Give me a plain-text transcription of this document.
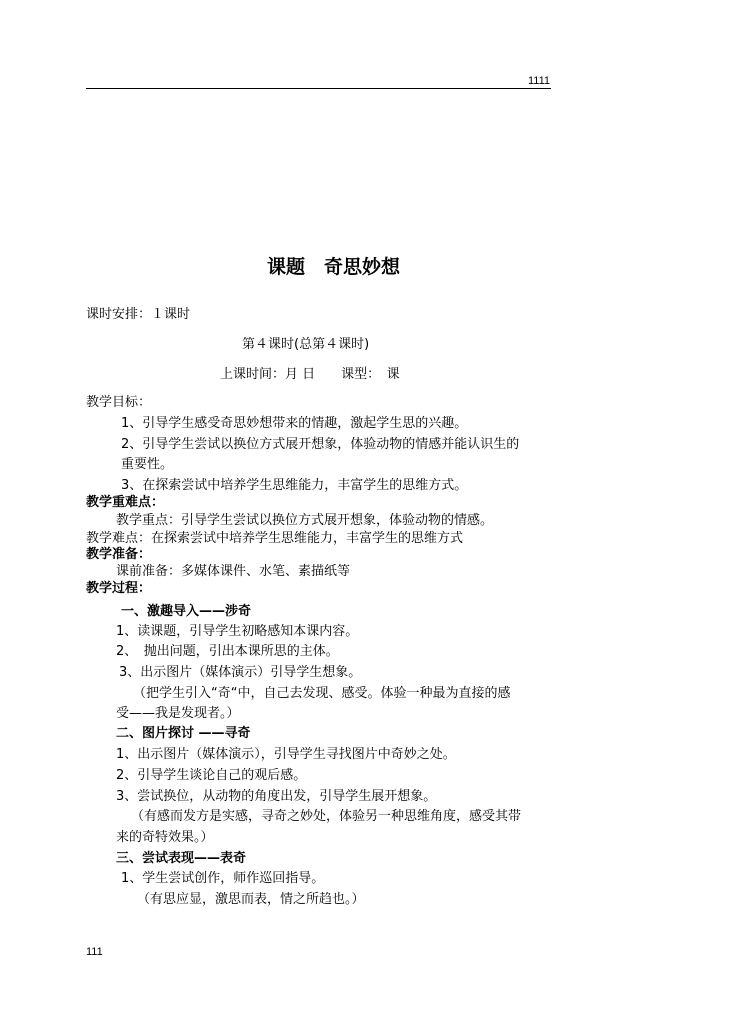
1111
课题　奇思妙想
课时安排：１课时
第４课时(总第４课时)
上课时间：月 日　　课型：　课
教学目标：
1、引导学生感受奇思妙想带来的情趣，激起学生思的兴趣。
2、引导学生尝试以换位方式展开想象，体验动物的情感并能认识生的
重要性。
3、在探索尝试中培养学生思维能力，丰富学生的思维方式。
教学重难点：
教学重点：引导学生尝试以换位方式展开想象，体验动物的情感。
教学难点：在探索尝试中培养学生思维能力，丰富学生的思维方式
教学准备：
课前准备：多媒体课件、水笔、素描纸等
教学过程：
一、激趣导入——涉奇
1、读课题，引导学生初略感知本课内容。
2、　抛出问题，引出本课所思的主体。
3、出示图片（媒体演示）引导学生想象。
（把学生引入“奇“中，自己去发现、感受。体验一种最为直接的感
受——我是发现者。）
二、图片探讨 ——寻奇
1、出示图片（媒体演示），引导学生寻找图片中奇妙之处。
2、引导学生谈论自己的观后感。
3、尝试换位，从动物的角度出发，引导学生展开想象。
（有感而发方是实感，寻奇之妙处，体验另一种思维角度，感受其带
来的奇特效果。）
三、尝试表现——表奇
1、学生尝试创作，师作巡回指导。
（有思应显，激思而表，情之所趋也。）
111
